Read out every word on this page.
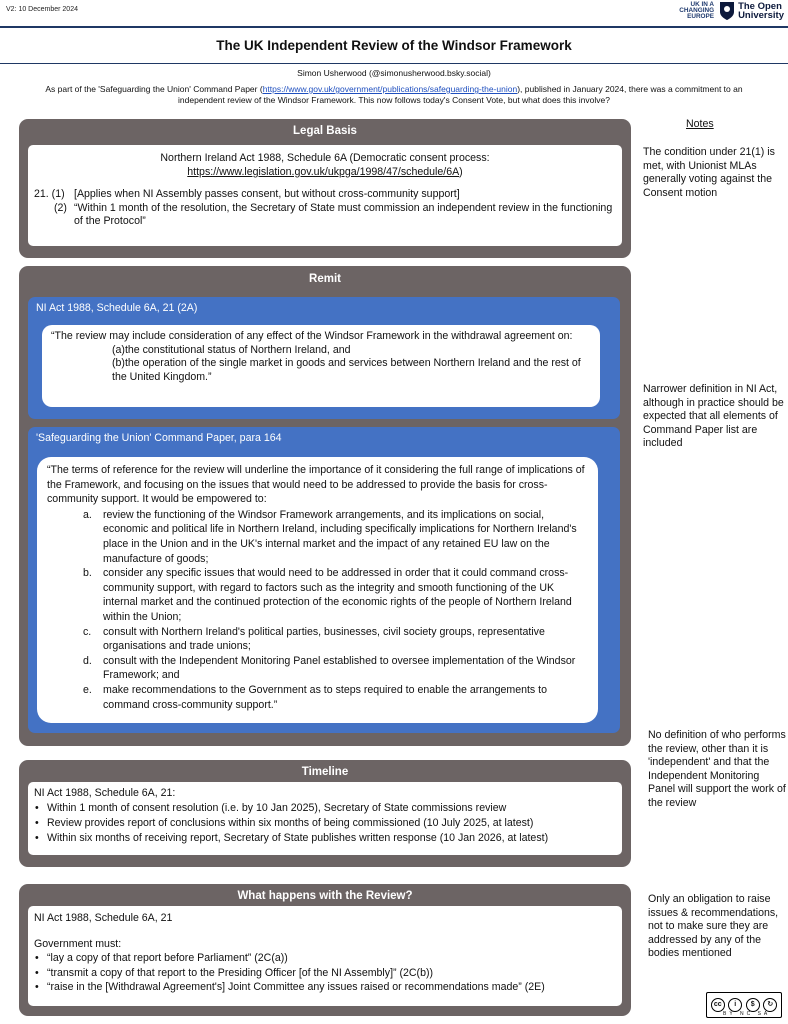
V2: 10 December 2024
UK IN A
CHANGING
EUROPE
The Open
University
The UK Independent Review of the Windsor Framework
Simon Usherwood (@simonusherwood.bsky.social)
As part of the 'Safeguarding the Union' Command Paper (https://www.gov.uk/government/publications/safeguarding-the-union), published in January 2024, there was a commitment to an independent review of the Windsor Framework. This now follows today's Consent Vote, but what does this involve?
Legal Basis
Northern Ireland Act 1988, Schedule 6A (Democratic consent process:
https://www.legislation.gov.uk/ukpga/1998/47/schedule/6A)
21. (1) [Applies when NI Assembly passes consent, but without cross-community support]
(2) “Within 1 month of the resolution, the Secretary of State must commission an independent review in the functioning of the Protocol”
Remit
NI Act 1988, Schedule 6A, 21 (2A)
“The review may include consideration of any effect of the Windsor Framework in the withdrawal agreement on:
(a)the constitutional status of Northern Ireland, and
(b)the operation of the single market in goods and services between Northern Ireland and the rest of the United Kingdom.”
'Safeguarding the Union' Command Paper, para 164
“The terms of reference for the review will underline the importance of it considering the full range of implications of the Framework, and focusing on the issues that would need to be addressed to provide the basis for cross-community support. It would be empowered to:
a.	review the functioning of the Windsor Framework arrangements, and its implications on social, economic and political life in Northern Ireland, including specifically implications for Northern Ireland's place in the Union and in the UK's internal market and the impact of any retained EU law on the manufacture of goods;
b.	consider any specific issues that would need to be addressed in order that it could command cross-community support, with regard to factors such as the integrity and smooth functioning of the UK internal market and the continued protection of the economic rights of the people of Northern Ireland within the Union;
c.	consult with Northern Ireland's political parties, businesses, civil society groups, representative organisations and trade unions;
d.	consult with the Independent Monitoring Panel established to oversee implementation of the Windsor Framework; and
e.	make recommendations to the Government as to steps required to enable the arrangements to command cross-community support.”
Timeline
NI Act 1988, Schedule 6A, 21:
• Within 1 month of consent resolution (i.e. by 10 Jan 2025), Secretary of State commissions review
• Review provides report of conclusions within six months of being commissioned (10 July 2025, at latest)
• Within six months of receiving report, Secretary of State publishes written response (10 Jan 2026, at latest)
What happens with the Review?
NI Act 1988, Schedule 6A, 21
Government must:
• “lay a copy of that report before Parliament” (2C(a))
• “transmit a copy of that report to the Presiding Officer [of the NI Assembly]” (2C(b))
• “raise in the [Withdrawal Agreement's] Joint Committee any issues raised or recommendations made” (2E)
Notes
The condition under 21(1) is met, with Unionist MLAs generally voting against the Consent motion
Narrower definition in NI Act, although in practice should be expected that all elements of Command Paper list are included
No definition of who performs the review, other than it is 'independent' and that the Independent Monitoring Panel will support the work of the review
Only an obligation to raise issues & recommendations, not to make sure they are addressed by any of the bodies mentioned
cc	i	$	↻
BY NC SA
